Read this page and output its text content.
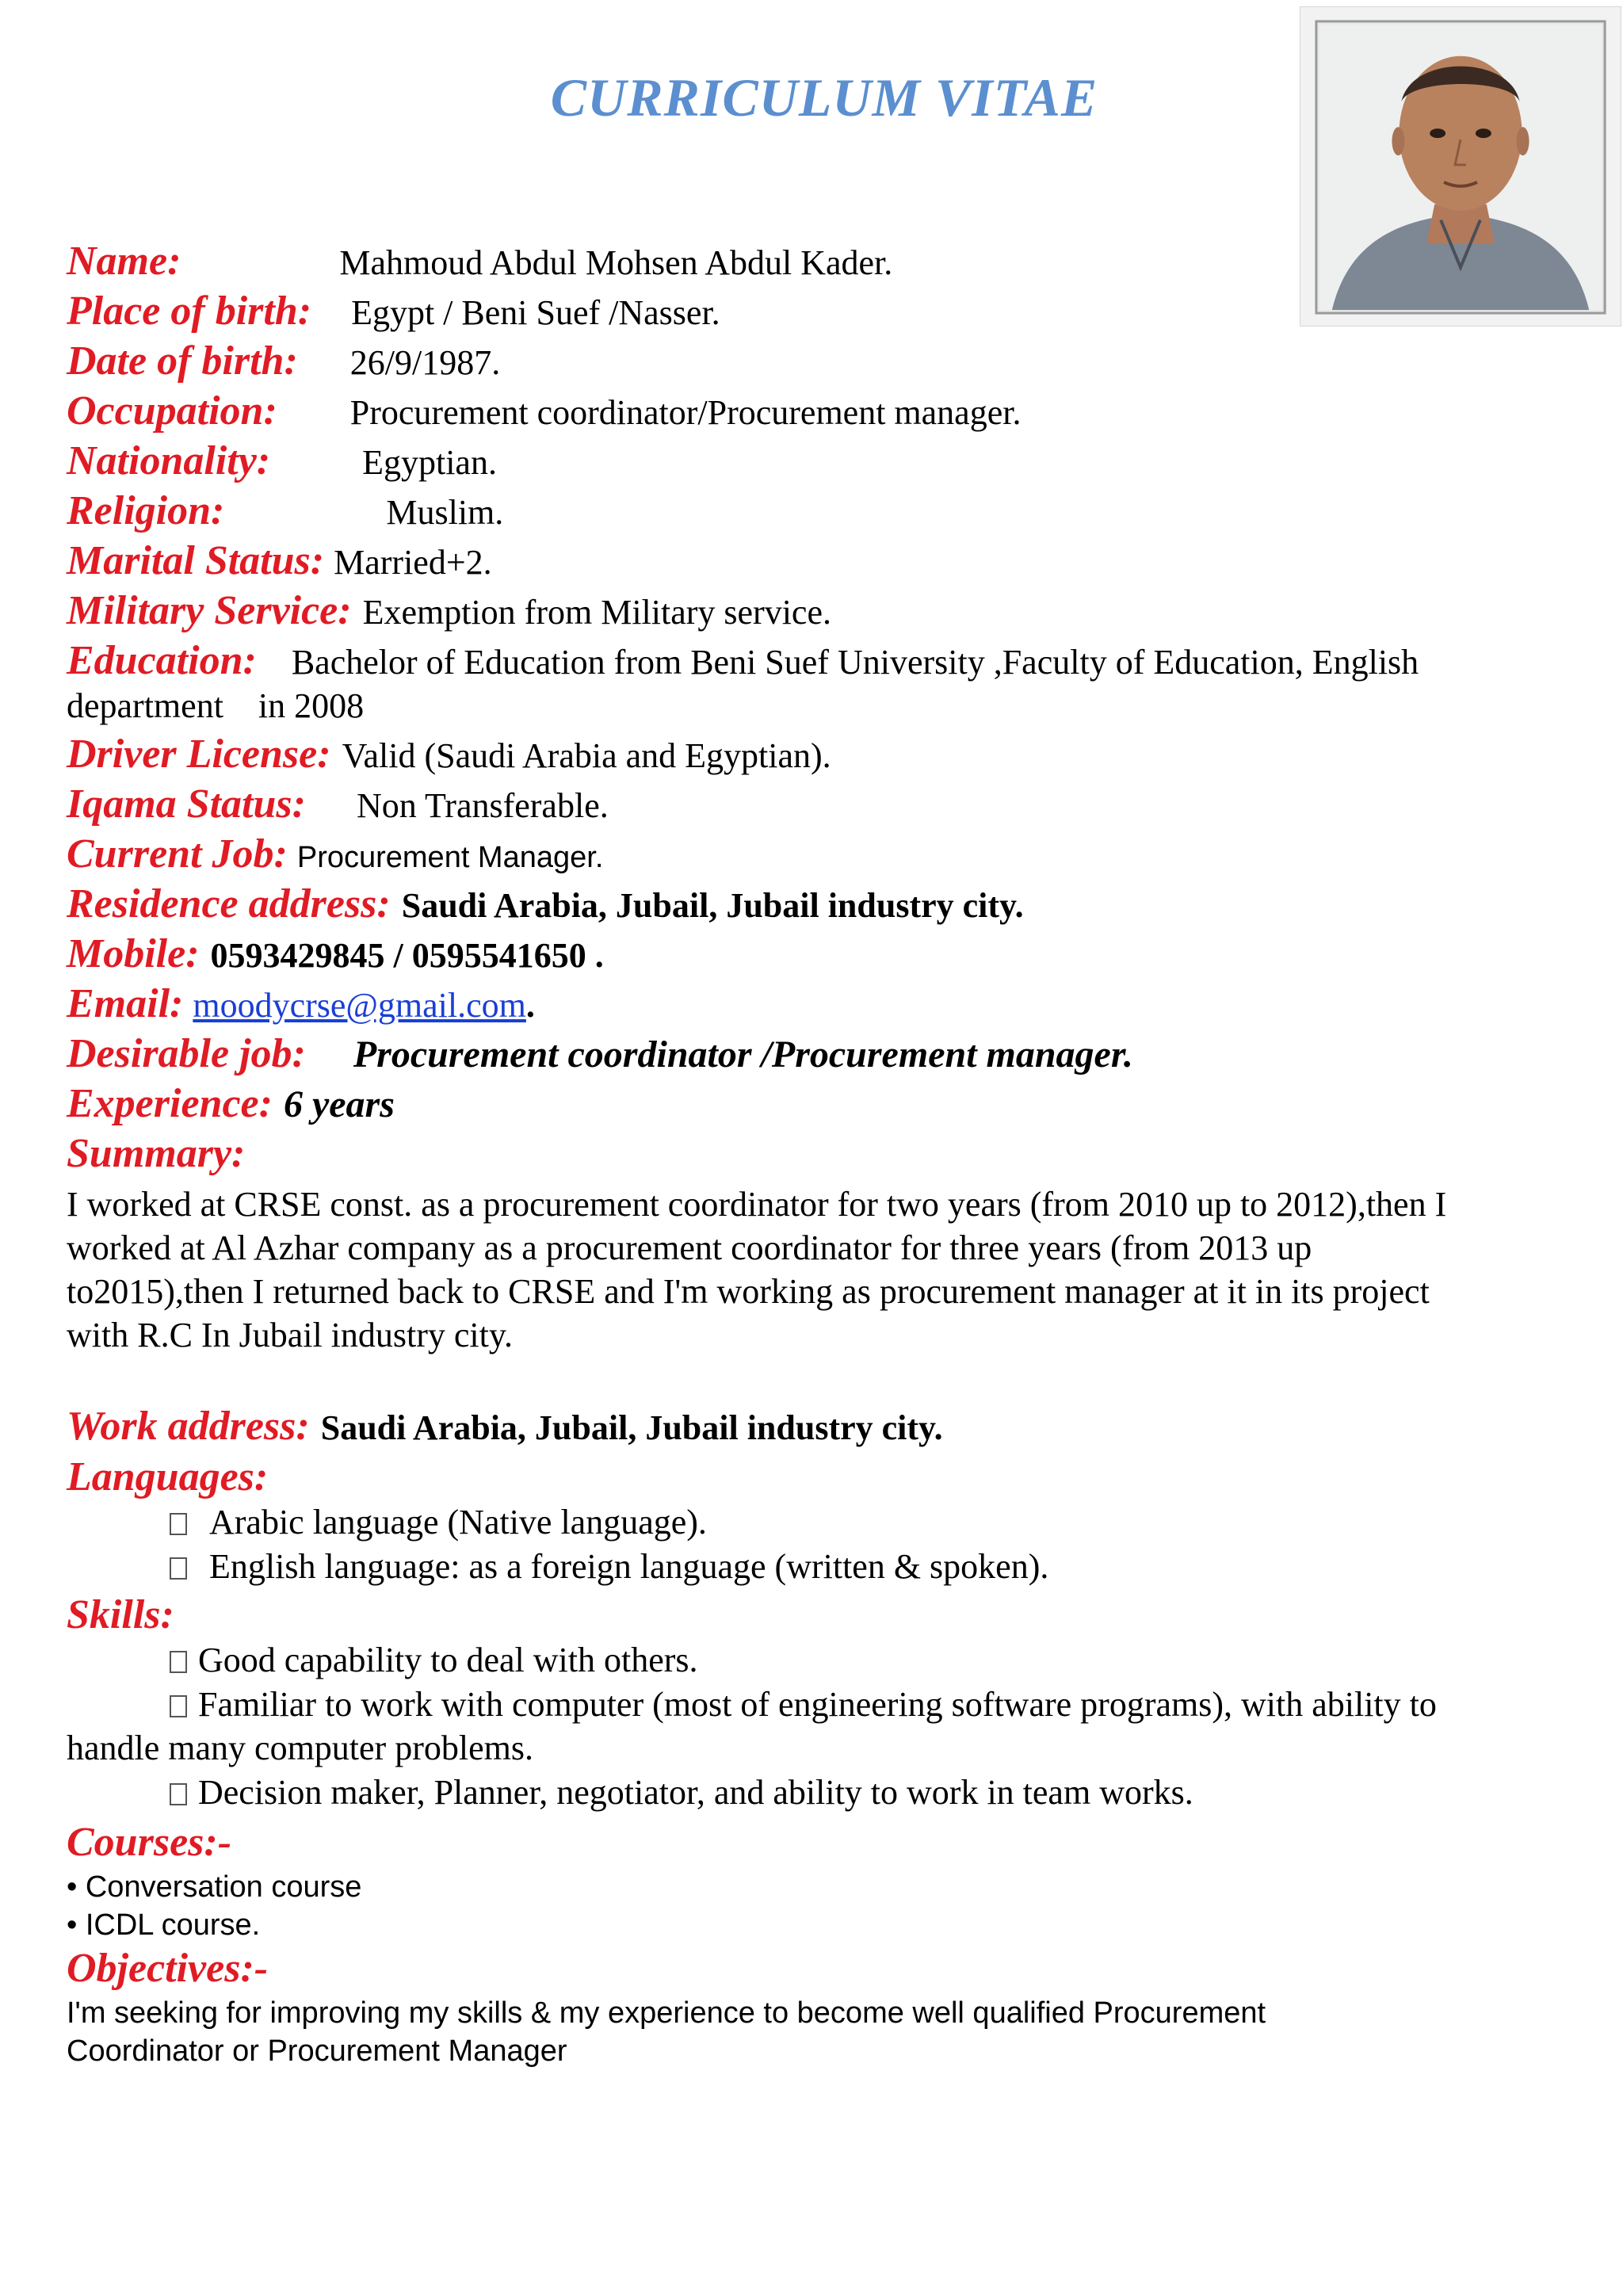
CURRICULUM VITAE
Name:	Mahmoud Abdul Mohsen Abdul Kader.
Place of birth: Egypt / Beni Suef /Nasser.
Date of birth: 26/9/1987.
Occupation: Procurement coordinator/Procurement manager.
Nationality:	Egyptian.
Religion:	Muslim.
Marital Status: Married+2.
Military Service: Exemption from Military service.
Education: Bachelor of Education from Beni Suef University ,Faculty of Education, English
department    in 2008
Driver License: Valid (Saudi Arabia and Egyptian).
Iqama Status: Non Transferable.
Current Job: Procurement Manager.
Residence address: Saudi Arabia, Jubail, Jubail industry city.
Mobile: 0593429845 / 0595541650 .
Email: moodycrse@gmail.com.
Desirable job: Procurement coordinator /Procurement manager.
Experience: 6 years
Summary:
I worked at CRSE const. as a procurement coordinator for two years (from 2010 up to 2012),then I
worked at Al Azhar company as a procurement coordinator for three years (from 2013 up
to2015),then I returned back to CRSE and I'm working as procurement manager at it in its project
with R.C In Jubail industry city.
Work address: Saudi Arabia, Jubail, Jubail industry city.
Languages:
Arabic language (Native language).
English language: as a foreign language (written & spoken).
Skills:
Good capability to deal with others.
Familiar to work with computer (most of engineering software programs), with ability to
handle many computer problems.
Decision maker, Planner, negotiator, and ability to work in team works.
Courses:-
• Conversation course
• ICDL course.
Objectives:-
I'm seeking for improving my skills & my experience to become well qualified Procurement
Coordinator or Procurement Manager
